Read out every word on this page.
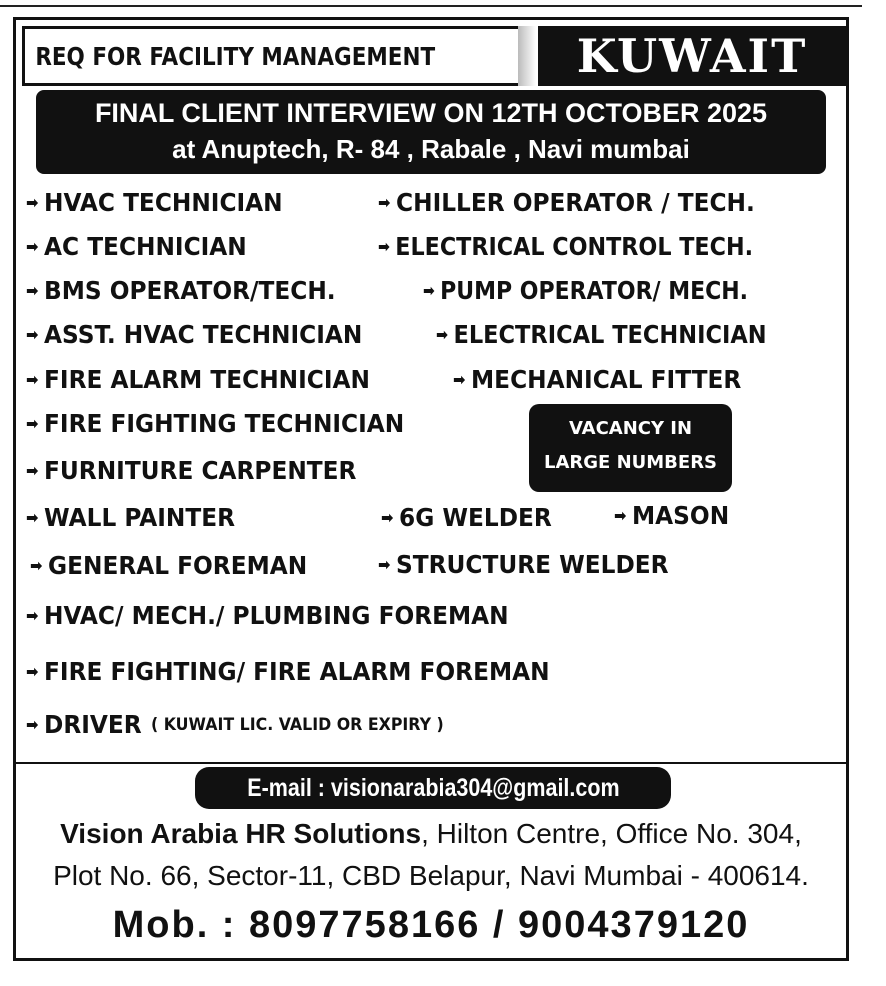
REQ FOR FACILITY MANAGEMENT	KUWAIT
FINAL CLIENT INTERVIEW ON 12TH OCTOBER 2025
at Anuptech, R- 84 , Rabale , Navi mumbai
➡ HVAC TECHNICIAN	➡ CHILLER OPERATOR / TECH.
➡ AC TECHNICIAN	➡ ELECTRICAL CONTROL TECH.
➡ BMS OPERATOR/TECH.	➡ PUMP OPERATOR/ MECH.
➡ ASST. HVAC TECHNICIAN	➡ ELECTRICAL TECHNICIAN
➡ FIRE ALARM TECHNICIAN	➡ MECHANICAL FITTER
➡ FIRE FIGHTING TECHNICIAN	VACANCY IN
LARGE NUMBERS
➡ FURNITURE CARPENTER
➡ WALL PAINTER	➡ 6G WELDER	➡ MASON
➡ GENERAL FOREMAN	➡ STRUCTURE WELDER
➡ HVAC/ MECH./ PLUMBING FOREMAN
➡ FIRE FIGHTING/ FIRE ALARM FOREMAN
➡ DRIVER ( KUWAIT LIC. VALID OR EXPIRY )
E-mail : visionarabia304@gmail.com
Vision Arabia HR Solutions, Hilton Centre, Office No. 304,
Plot No. 66, Sector-11, CBD Belapur, Navi Mumbai - 400614.
Mob. : 8097758166 / 9004379120
